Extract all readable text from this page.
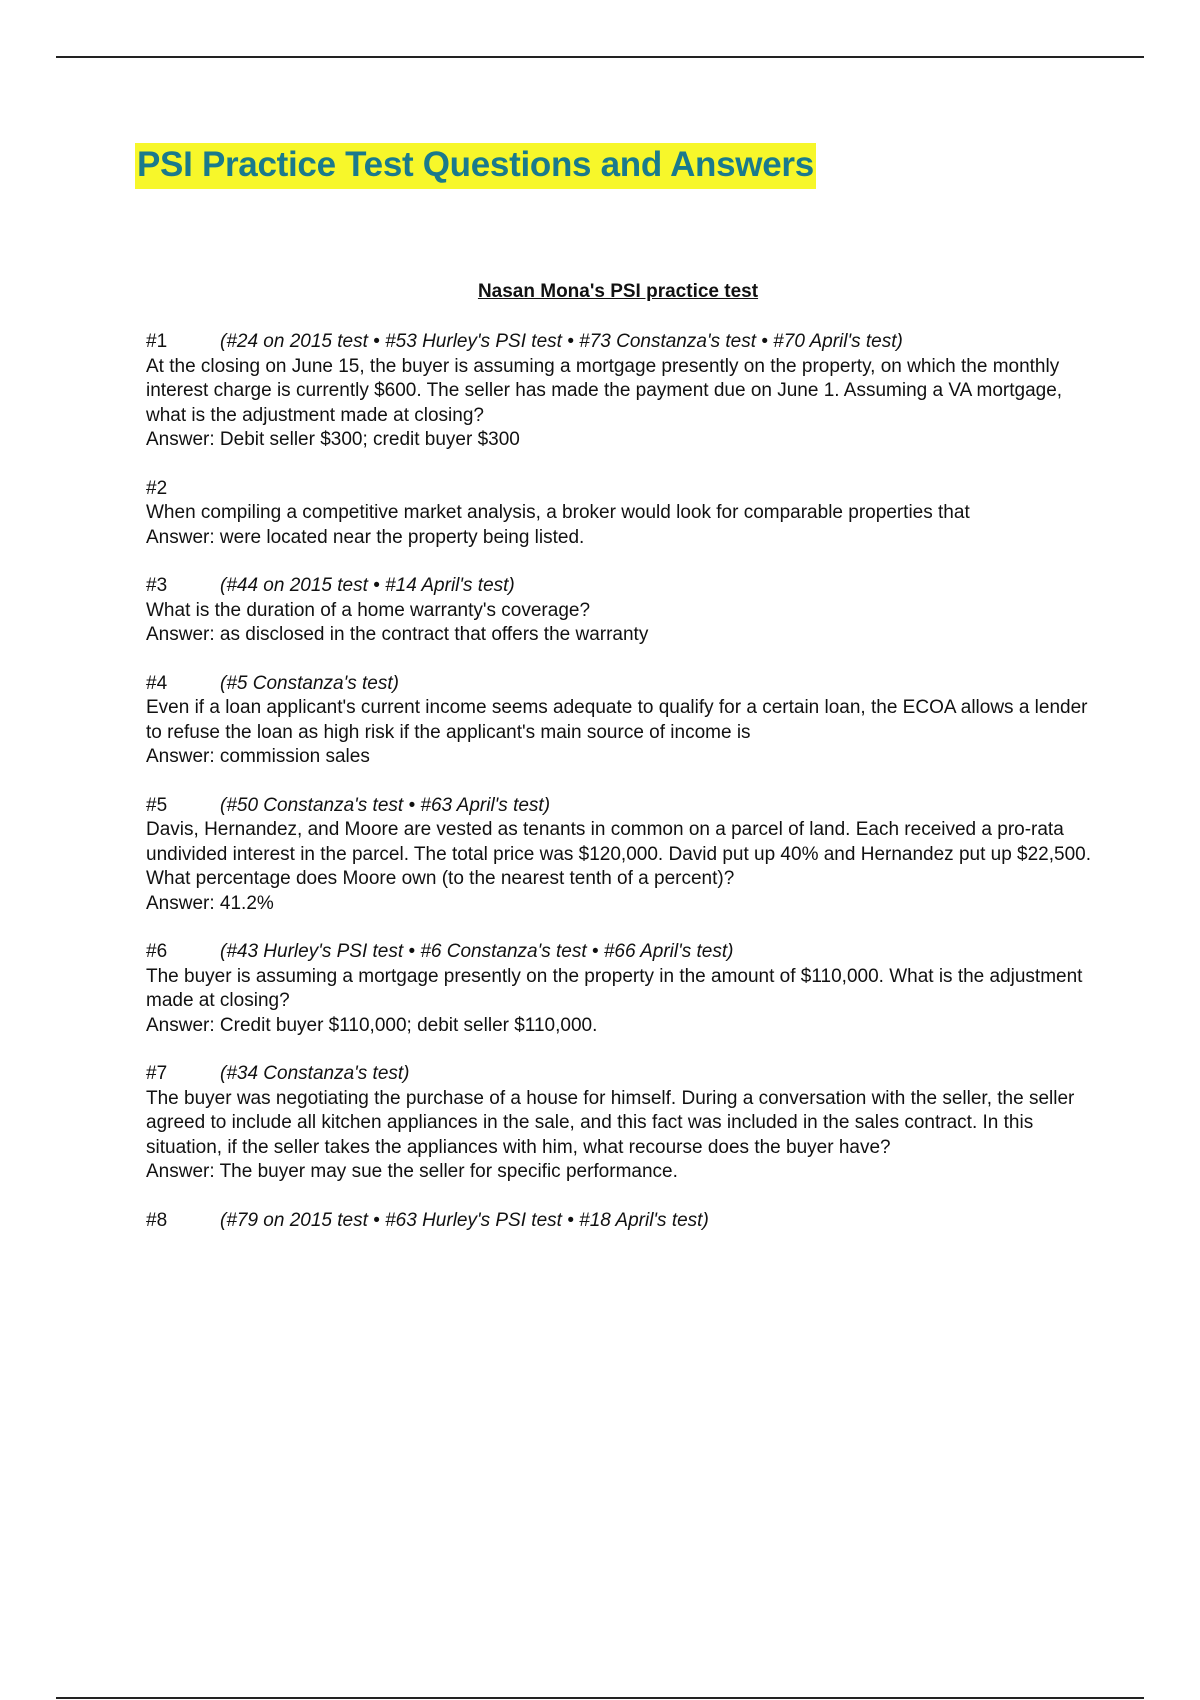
PSI Practice Test Questions and Answers
Nasan Mona's PSI practice test
#1	(#24 on 2015 test • #53 Hurley's PSI test • #73 Constanza's test • #70 April's test)

At the closing on June 15, the buyer is assuming a mortgage presently on the property, on which the monthly interest charge is currently $600. The seller has made the payment due on June 1. Assuming a VA mortgage, what is the adjustment made at closing?

Answer: Debit seller $300; credit buyer $300

#2

When compiling a competitive market analysis, a broker would look for comparable properties that

Answer: were located near the property being listed.

#3	(#44 on 2015 test • #14 April's test)

What is the duration of a home warranty's coverage?

Answer: as disclosed in the contract that offers the warranty

#4	(#5 Constanza's test)

Even if a loan applicant's current income seems adequate to qualify for a certain loan, the ECOA allows a lender to refuse the loan as high risk if the applicant's main source of income is

Answer: commission sales

#5	(#50 Constanza's test • #63 April's test)

Davis, Hernandez, and Moore are vested as tenants in common on a parcel of land. Each received a pro-rata undivided interest in the parcel. The total price was $120,000. David put up 40% and Hernandez put up $22,500. What percentage does Moore own (to the nearest tenth of a percent)?

Answer: 41.2%

#6	(#43 Hurley's PSI test • #6 Constanza's test • #66 April's test)

The buyer is assuming a mortgage presently on the property in the amount of $110,000. What is the adjustment made at closing?

Answer: Credit buyer $110,000; debit seller $110,000.

#7	(#34 Constanza's test)

The buyer was negotiating the purchase of a house for himself. During a conversation with the seller, the seller agreed to include all kitchen appliances in the sale, and this fact was included in the sales contract. In this situation, if the seller takes the appliances with him, what recourse does the buyer have?

Answer: The buyer may sue the seller for specific performance.

#8	(#79 on 2015 test • #63 Hurley's PSI test • #18 April's test)
